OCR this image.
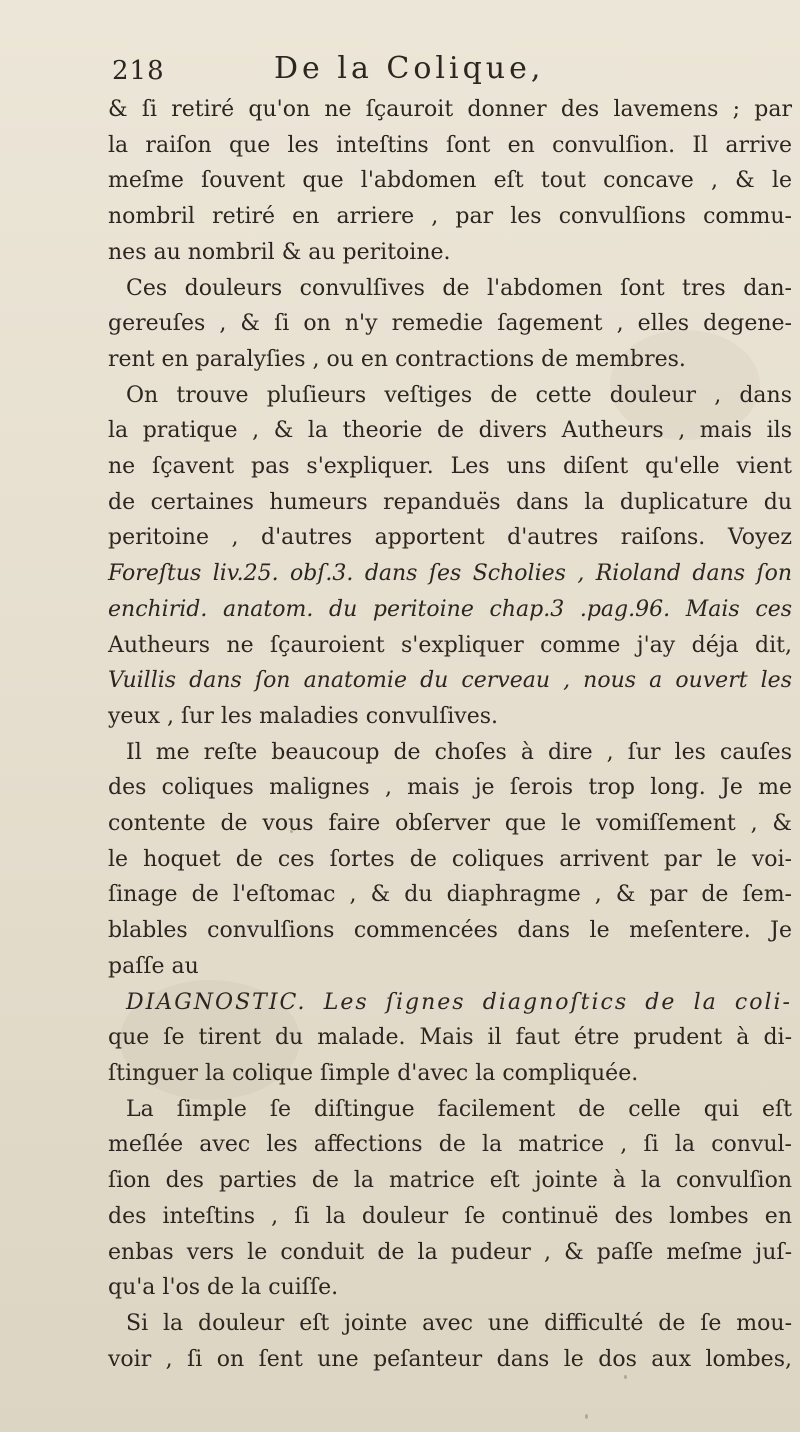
218	De la Colique,
& ſi retiré qu'on ne ſçauroit donner des lavemens ; par
la raiſon que les inteſtins ſont en convulſion. Il arrive
meſme ſouvent que l'abdomen eſt tout concave , & le
nombril retiré en arriere , par les convulſions commu-
nes au nombril & au peritoine.
Ces douleurs convulſives de l'abdomen ſont tres dan-
gereuſes , & ſi on n'y remedie ſagement , elles degene-
rent en paralyſies , ou en contractions de membres.
On trouve pluſieurs veſtiges de cette douleur , dans
la pratique , & la theorie de divers Autheurs , mais ils
ne ſçavent pas s'expliquer. Les uns diſent qu'elle vient
de certaines humeurs repanduës dans la duplicature du
peritoine , d'autres apportent d'autres raiſons. Voyez
Foreſtus liv.25. obſ.3. dans ſes Scholies , Rioland dans ſon
enchirid. anatom. du peritoine chap.3 .pag.96. Mais ces
Autheurs ne ſçauroient s'expliquer comme j'ay déja dit,
Vuillis dans ſon anatomie du cerveau , nous a ouvert les
yeux , ſur les maladies convulſives.
Il me reſte beaucoup de choſes à dire , ſur les cauſes
des coliques malignes , mais je ſerois trop long. Je me
contente de vous faire obſerver que le vomiſſement , &
le hoquet de ces ſortes de coliques arrivent par le voi-
ſinage de l'eſtomac , & du diaphragme , & par de ſem-
blables convulſions commencées dans le meſentere. Je
paſſe au
DIAGNOSTIC. Les ſignes diagnoſtics de la coli-
que ſe tirent du malade. Mais il faut étre prudent à di-
ſtinguer la colique ſimple d'avec la compliquée.
La ſimple ſe diſtingue facilement de celle qui eſt
meſlée avec les affections de la matrice , ſi la convul-
ſion des parties de la matrice eſt jointe à la convulſion
des inteſtins , ſi la douleur ſe continuë des lombes en
enbas vers le conduit de la pudeur , & paſſe meſme juſ-
qu'a l'os de la cuiſſe.
Si la douleur eſt jointe avec une difficulté de ſe mou-
voir , ſi on ſent une peſanteur dans le dos aux lombes,
